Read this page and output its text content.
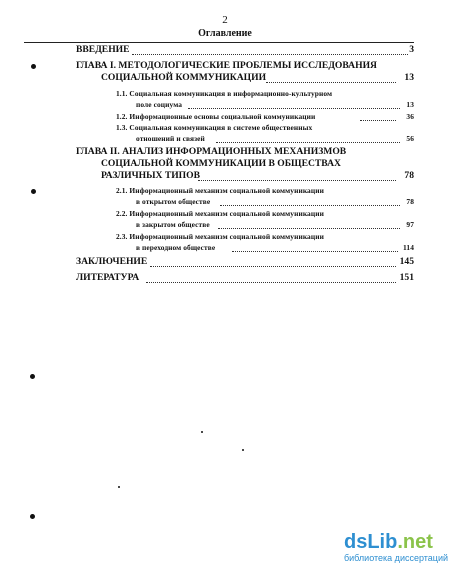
2
Оглавление
ВВЕДЕНИЕ	3
ГЛАВА I. МЕТОДОЛОГИЧЕСКИЕ ПРОБЛЕМЫ ИССЛЕДОВАНИЯ
СОЦИАЛЬНОЙ КОММУНИКАЦИИ	13
1.1. Социальная коммуникация в информационно-культурном
поле социума	13
1.2. Информационные основы социальной коммуникации	36
1.3. Социальная коммуникация в системе общественных
отношений и связей	56
ГЛАВА II. АНАЛИЗ ИНФОРМАЦИОННЫХ МЕХАНИЗМОВ
СОЦИАЛЬНОЙ КОММУНИКАЦИИ В ОБЩЕСТВАХ
РАЗЛИЧНЫХ ТИПОВ	78
2.1. Информационный механизм социальной коммуникации
в открытом обществе	78
2.2. Информационный механизм социальной коммуникации
в закрытом обществе	97
2.3. Информационный механизм социальной коммуникации
в переходном обществе	114
ЗАКЛЮЧЕНИЕ	145
ЛИТЕРАТУРА	151
dsLib.net
библиотека диссертаций
